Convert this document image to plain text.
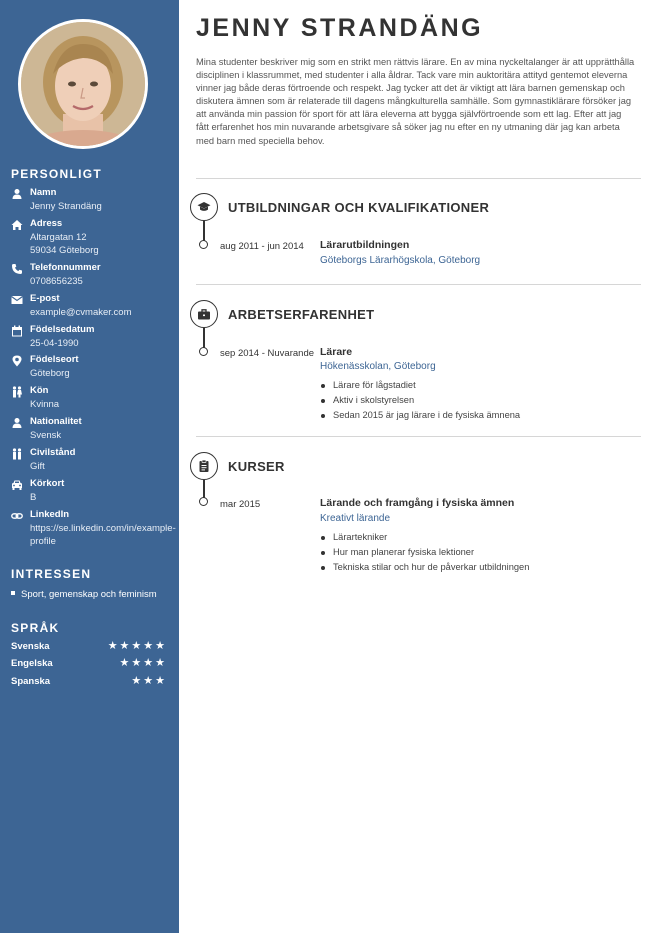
PERSONLIGT
Namn
Jenny Strandäng
Adress
Altargatan 12
59034 Göteborg
Telefonnummer
0708656235
E-post
example@cvmaker.com
Födelsedatum
25-04-1990
Födelseort
Göteborg
Kön
Kvinna
Nationalitet
Svensk
Civilstånd
Gift
Körkort
B
LinkedIn
https://se.linkedin.com/in/example-
profile
INTRESSEN
Sport, gemenskap och feminism
SPRÅK
Svenska	★★★★★
Engelska	★★★★
Spanska	★★★
JENNY STRANDÄNG

Mina studenter beskriver mig som en strikt men rättvis lärare. En av mina nyckeltalanger är att upprätthålla disciplinen i klassrummet, med studenter i alla åldrar. Tack vare min auktoritära attityd gentemot eleverna vinner jag både deras förtroende och respekt. Jag tycker att det är viktigt att lära barnen gemenskap och diskutera ämnen som är relaterade till dagens mångkulturella samhälle. Som gymnastiklärare försöker jag att använda min passion för sport för att lära eleverna att bygga självförtroende som ett lag. Efter att jag fått erfarenhet hos min nuvarande arbetsgivare så söker jag nu efter en ny utmaning där jag kan arbeta med barn med speciella behov.

UTBILDNINGAR OCH KVALIFIKATIONER
aug 2011 - jun 2014 Lärarutbildningen
Göteborgs Lärarhögskola, Göteborg
ARBETSERFARENHET
sep 2014 - Nuvarande Lärare
Hökenässkolan, Göteborg
Lärare för lågstadiet
Aktiv i skolstyrelsen
Sedan 2015 är jag lärare i de fysiska ämnena
KURSER
mar 2015	Lärande och framgång i fysiska ämnen
Kreativt lärande
Lärartekniker
Hur man planerar fysiska lektioner
Tekniska stilar och hur de påverkar utbildningen
